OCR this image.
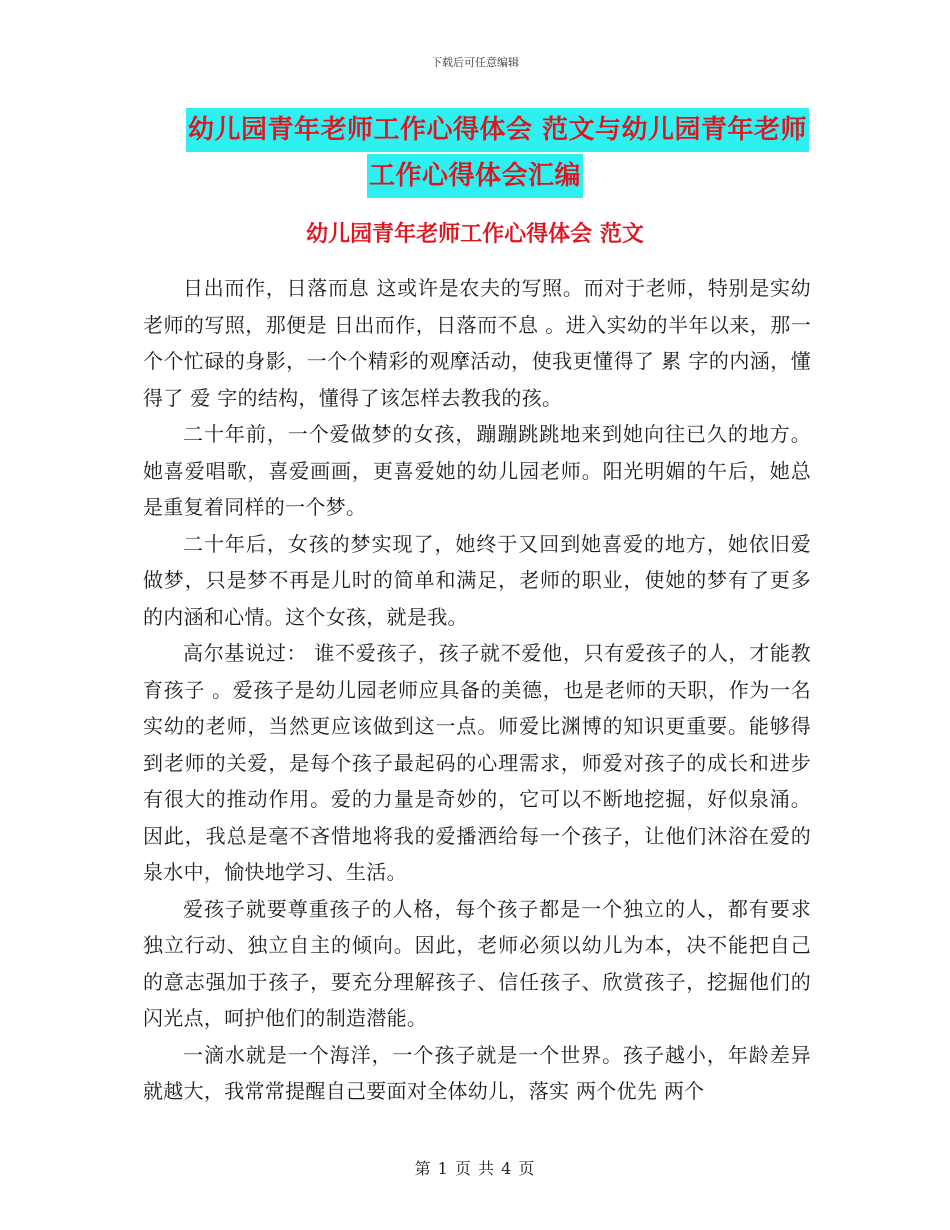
下载后可任意编辑
幼儿园青年老师工作心得体会 范文与幼儿园青年老师
工作心得体会汇编
幼儿园青年老师工作心得体会 范文

日出而作，日落而息 这或许是农夫的写照。而对于老师，特别是实幼老师的写照，那便是 日出而作，日落而不息 。进入实幼的半年以来，那一个个忙碌的身影，一个个精彩的观摩活动，使我更懂得了 累 字的内涵，懂得了 爱 字的结构，懂得了该怎样去教我的孩。

二十年前，一个爱做梦的女孩，蹦蹦跳跳地来到她向往已久的地方。她喜爱唱歌，喜爱画画，更喜爱她的幼儿园老师。阳光明媚的午后，她总是重复着同样的一个梦。

二十年后，女孩的梦实现了，她终于又回到她喜爱的地方，她依旧爱做梦，只是梦不再是儿时的简单和满足，老师的职业，使她的梦有了更多的内涵和心情。这个女孩，就是我。

高尔基说过： 谁不爱孩子，孩子就不爱他，只有爱孩子的人，才能教育孩子 。爱孩子是幼儿园老师应具备的美德，也是老师的天职，作为一名实幼的老师，当然更应该做到这一点。师爱比渊博的知识更重要。能够得到老师的关爱，是每个孩子最起码的心理需求，师爱对孩子的成长和进步有很大的推动作用。爱的力量是奇妙的，它可以不断地挖掘，好似泉涌。 因此，我总是毫不吝惜地将我的爱播洒给每一个孩子，让他们沐浴在爱的泉水中，愉快地学习、生活。

爱孩子就要尊重孩子的人格，每个孩子都是一个独立的人，都有要求独立行动、独立自主的倾向。因此，老师必须以幼儿为本，决不能把自己的意志强加于孩子，要充分理解孩子、信任孩子、欣赏孩子，挖掘他们的闪光点，呵护他们的制造潜能。

一滴水就是一个海洋，一个孩子就是一个世界。孩子越小，年龄差异就越大，我常常提醒自己要面对全体幼儿，落实 两个优先 两个

第 1 页 共 4 页
